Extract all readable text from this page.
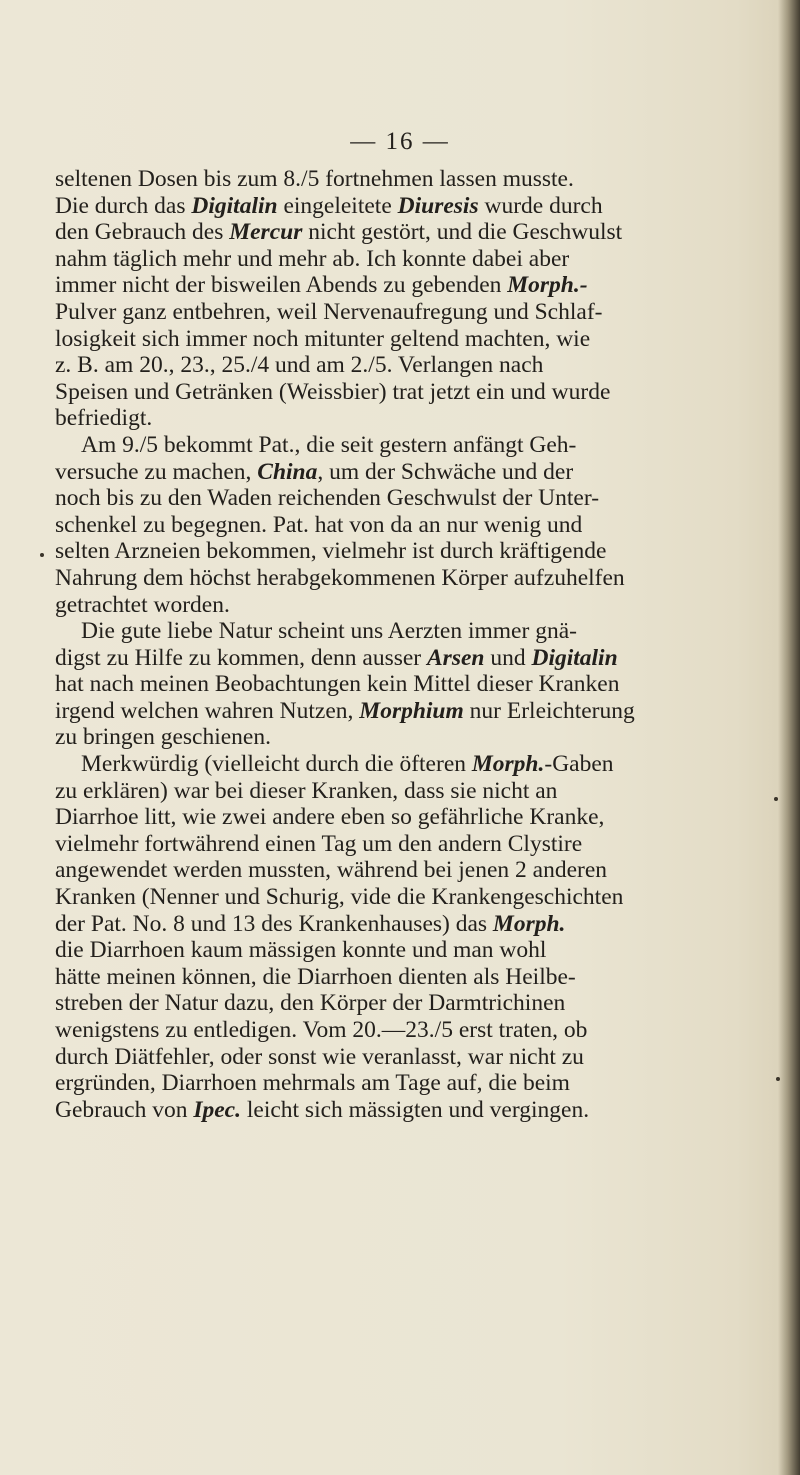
— 16 —
seltenen Dosen bis zum 8./5 fortnehmen lassen musste.
Die durch das Digitalin eingeleitete Diuresis wurde durch
den Gebrauch des Mercur nicht gestört, und die Geschwulst
nahm täglich mehr und mehr ab. Ich konnte dabei aber
immer nicht der bisweilen Abends zu gebenden Morph.-
Pulver ganz entbehren, weil Nervenaufregung und Schlaf-
losigkeit sich immer noch mitunter geltend machten, wie
z. B. am 20., 23., 25./4 und am 2./5. Verlangen nach
Speisen und Getränken (Weissbier) trat jetzt ein und wurde
befriedigt.
Am 9./5 bekommt Pat., die seit gestern anfängt Geh-
versuche zu machen, China, um der Schwäche und der
noch bis zu den Waden reichenden Geschwulst der Unter-
schenkel zu begegnen. Pat. hat von da an nur wenig und
selten Arzneien bekommen, vielmehr ist durch kräftigende
Nahrung dem höchst herabgekommenen Körper aufzuhelfen
getrachtet worden.
Die gute liebe Natur scheint uns Aerzten immer gnä-
digst zu Hilfe zu kommen, denn ausser Arsen und Digitalin
hat nach meinen Beobachtungen kein Mittel dieser Kranken
irgend welchen wahren Nutzen, Morphium nur Erleichterung
zu bringen geschienen.
Merkwürdig (vielleicht durch die öfteren Morph.-Gaben
zu erklären) war bei dieser Kranken, dass sie nicht an
Diarrhoe litt, wie zwei andere eben so gefährliche Kranke,
vielmehr fortwährend einen Tag um den andern Clystire
angewendet werden mussten, während bei jenen 2 anderen
Kranken (Nenner und Schurig, vide die Krankengeschichten
der Pat. No. 8 und 13 des Krankenhauses) das Morph.
die Diarrhoen kaum mässigen konnte und man wohl
hätte meinen können, die Diarrhoen dienten als Heilbe-
streben der Natur dazu, den Körper der Darmtrichinen
wenigstens zu entledigen. Vom 20.—23./5 erst traten, ob
durch Diätfehler, oder sonst wie veranlasst, war nicht zu
ergründen, Diarrhoen mehrmals am Tage auf, die beim
Gebrauch von Ipec. leicht sich mässigten und vergingen.
